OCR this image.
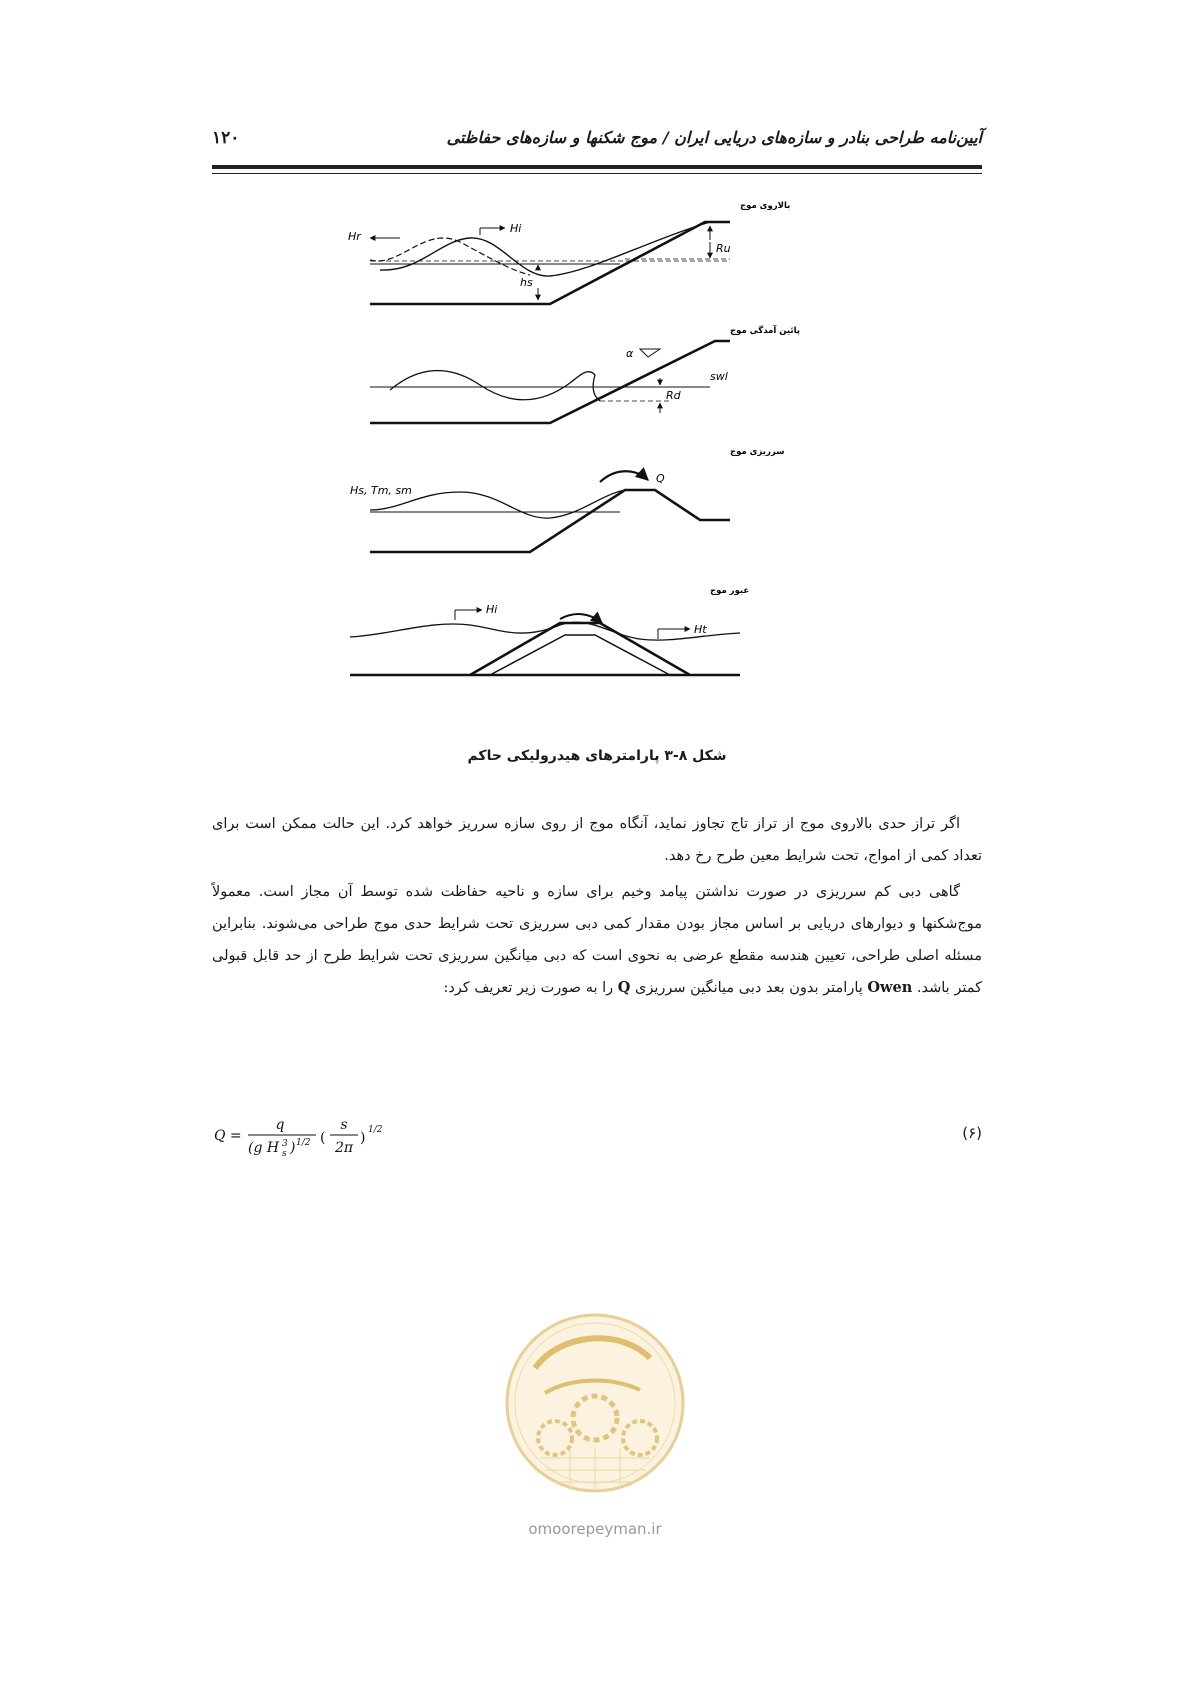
۱۲۰	آیین‌نامه طراحی بنادر و سازه‌های دریایی ایران / موج شکنها و سازه‌های حفاظتی
بالاروی موج
Hr
Hi
Ru
hs
پائین آمدگی موج
α
swl
Rd
سرریزی موج
Q
Hs, Tm, sm
عبور موج
Hi
Ht
شکل ۸-۳ پارامترهای هیدرولیکی حاکم

اگر تراز حدی بالاروی موج از تراز تاج تجاوز نماید، آنگاه موج از روی سازه سرریز خواهد کرد. این حالت ممکن است برای تعداد کمی از امواج، تحت شرایط معین طرح رخ دهد.

گاهی دبی کم سرریزی در صورت نداشتن پیامد وخیم برای سازه و ناحیه حفاظت شده توسط آن مجاز است. معمولاً موج‌شکنها و دیوارهای دریایی بر اساس مجاز بودن مقدار کمی دبی سرریزی تحت شرایط حدی موج طراحی می‌شوند. بنابراین مسئله اصلی طراحی، تعیین هندسه مقطع عرضی به نحوی است که دبی میانگین سرریزی تحت شرایط طرح از حد قابل قبولی کمتر باشد. Owen پارامتر بدون بعد دبی میانگین سرریزی Q را به صورت زیر تعریف کرد:

Q =
q
(g H 3
s ) 1/2 (
s
2π
) 1/2	(۶)
omoorepeyman.ir
